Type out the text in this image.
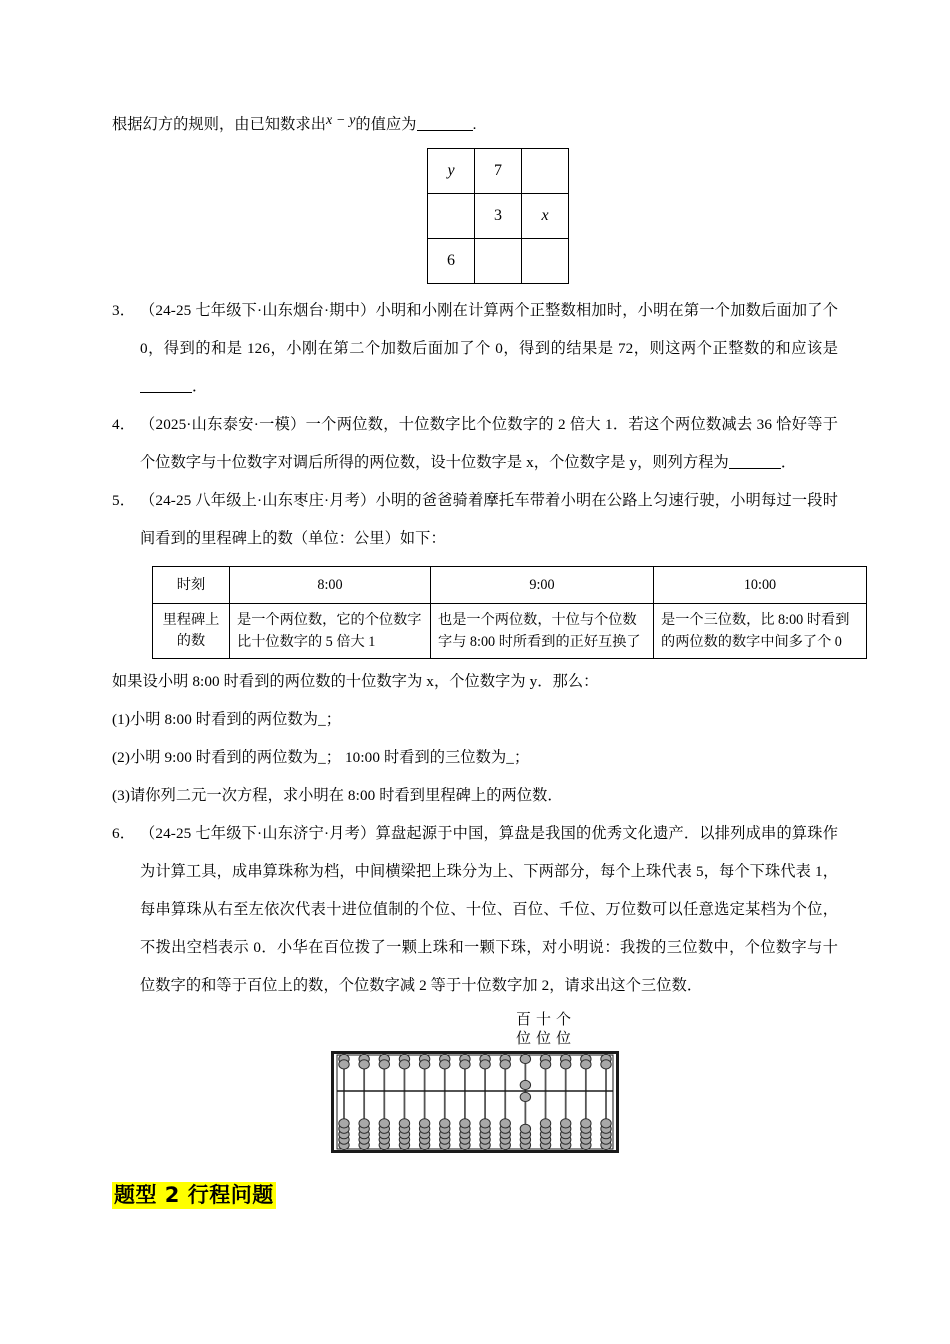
根据幻方的规则，由已知数求出x − y的值应为	.
y	7	
	3	x
6		
3． （24-25 七年级下·山东烟台·期中）小明和小刚在计算两个正整数相加时，小明在第一个加数后面加了个 0，得到的和是 126，小刚在第二个加数后面加了个 0，得到的结果是 72，则这两个正整数的和应该是．
4． （2025·山东泰安·一模）一个两位数，十位数字比个位数字的 2 倍大 1．若这个两位数减去 36 恰好等于个位数字与十位数字对调后所得的两位数，设十位数字是 x，个位数字是 y，则列方程为	．
5． （24-25 八年级上·山东枣庄·月考）小明的爸爸骑着摩托车带着小明在公路上匀速行驶，小明每过一段时间看到的里程碑上的数（单位：公里）如下：
时刻	8:00	9:00	10:00
里程碑上的数	是一个两位数，它的个位数字比十位数字的 5 倍大 1	也是一个两位数，十位与个位数字与 8:00 时所看到的正好互换了	是一个三位数，比 8:00 时看到的两位数的数字中间多了个 0
如果设小明 8:00 时看到的两位数的十位数字为 x，个位数字为 y．那么：
(1)小明 8:00 时看到的两位数为_；
(2)小明 9:00 时看到的两位数为_； 10:00 时看到的三位数为_；
(3)请你列二元一次方程，求小明在 8:00 时看到里程碑上的两位数．
6． （24-25 七年级下·山东济宁·月考）算盘起源于中国，算盘是我国的优秀文化遗产．以排列成串的算珠作为计算工具，成串算珠称为档，中间横梁把上珠分为上、下两部分，每个上珠代表 5，每个下珠代表 1，每串算珠从右至左依次代表十进位值制的个位、十位、百位、千位、万位数可以任意选定某档为个位，不拨出空档表示 0．小华在百位拨了一颗上珠和一颗下珠，对小明说：我拨的三位数中，个位数字与十位数字的和等于百位上的数，个位数字减 2 等于十位数字加 2，请求出这个三位数．
百十个
位位位
题型 2 行程问题
